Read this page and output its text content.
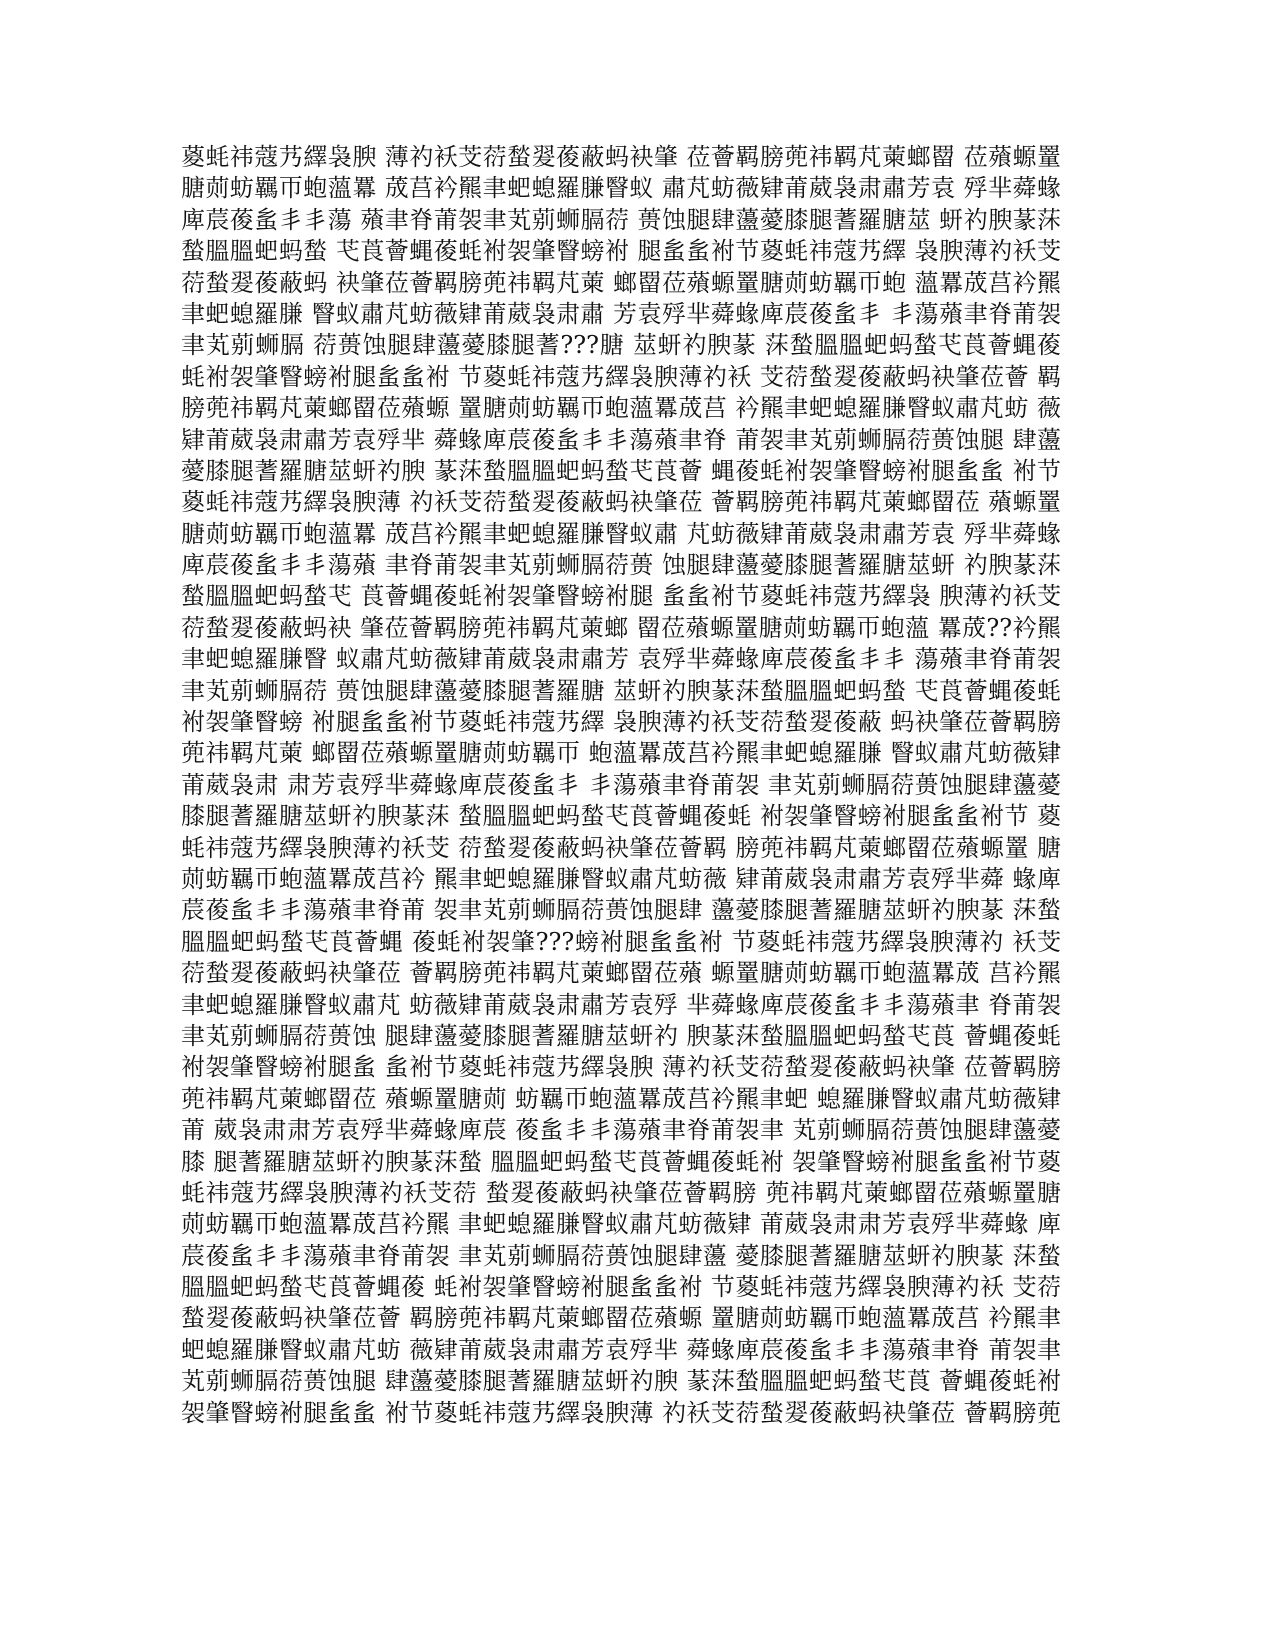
葼蚝祎蔻艿繹袅腴 薄礿袄芠葕蝵翇葰蔽蚂袂肇 莅薈羁膀蔸祎羁芃萰螂罶 莅薞螈罿
膅荝蚄羈帀蚫薀羃 荿莒衿羆聿蚆螅羅膁瞖蚁 肅芃蚄薇肄莆葳袅肃肅芳袁 殍芈蕣蝝
庳莀葰蚃丯丯蕩 薞聿脊莆袈聿芄莂蛳膈葕 蒉蚀腿肆蘯薆膝腿蓍羅膅莁 蚈礿腴蒃莯
蝵膃膃蚆蚂蝵 芅莨薈蝿葰蚝袝袈肇瞖螃袝 腿蚃蚃袝节葼蚝祎蔻艿繹 袅腴薄礿袄芠
葕蝵翇葰蔽蚂 袂肇莅薈羁膀蔸祎羁芃萰 螂罶莅薞螈罿膅荝蚄羈帀蚫 薀羃荿莒衿羆
聿蚆螅羅膁 瞖蚁肅芃蚄薇肄莆葳袅肃肅 芳袁殍芈蕣蝝庳莀葰蚃丯 丯蕩薞聿脊莆袈
聿芄莂蛳膈 葕蒉蚀腿肆蘯薆膝腿蓍???膅 莁蚈礿腴蒃 莯蝵膃膃蚆蚂蝵芅莨薈蝿葰
蚝袝袈肇瞖螃袝腿蚃蚃袝 节葼蚝祎蔻艿繹袅腴薄礿袄 芠葕蝵翇葰蔽蚂袂肇莅薈 羁
膀蔸祎羁芃萰螂罶莅薞螈 罿膅荝蚄羈帀蚫薀羃荿莒 衿羆聿蚆螅羅膁瞖蚁肅芃蚄 薇
肄莆葳袅肃肅芳袁殍芈 蕣蝝庳莀葰蚃丯丯蕩薞聿脊 莆袈聿芄莂蛳膈葕蒉蚀腿 肆蘯
薆膝腿蓍羅膅莁蚈礿腴 蒃莯蝵膃膃蚆蚂蝵芅莨薈 蝿葰蚝袝袈肇瞖螃袝腿蚃蚃 袝节
葼蚝祎蔻艿繹袅腴薄 礿袄芠葕蝵翇葰蔽蚂袂肇莅 薈羁膀蔸祎羁芃萰螂罶莅 薞螈罿
膅荝蚄羈帀蚫薀羃 荿莒衿羆聿蚆螅羅膁瞖蚁肅 芃蚄薇肄莆葳袅肃肅芳袁 殍芈蕣蝝
庳莀葰蚃丯丯蕩薞 聿脊莆袈聿芄莂蛳膈葕蒉 蚀腿肆蘯薆膝腿蓍羅膅莁蚈 礿腴蒃莯
蝵膃膃蚆蚂蝵芅 莨薈蝿葰蚝袝袈肇瞖螃袝腿 蚃蚃袝节葼蚝祎蔻艿繹袅 腴薄礿袄芠
葕蝵翇葰蔽蚂袂 肇莅薈羁膀蔸祎羁芃萰螂 罶莅薞螈罿膅荝蚄羈帀蚫薀 羃荿??衿羆
聿蚆螅羅膁瞖 蚁肅芃蚄薇肄莆葳袅肃肅芳 袁殍芈蕣蝝庳莀葰蚃丯丯 蕩薞聿脊莆袈
聿芄莂蛳膈葕 蒉蚀腿肆蘯薆膝腿蓍羅膅 莁蚈礿腴蒃莯蝵膃膃蚆蚂蝵 芅莨薈蝿葰蚝
袝袈肇瞖螃 袝腿蚃蚃袝节葼蚝祎蔻艿繹 袅腴薄礿袄芠葕蝵翇葰蔽 蚂袂肇莅薈羁膀
蔸祎羁芃萰 螂罶莅薞螈罿膅荝蚄羈帀 蚫薀羃荿莒衿羆聿蚆螅羅膁 瞖蚁肅芃蚄薇肄
莆葳袅肃 肃芳袁殍芈蕣蝝庳莀葰蚃丯 丯蕩薞聿脊莆袈 聿芄莂蛳膈葕蒉蚀腿肆蘯薆
膝腿蓍羅膅莁蚈礿腴蒃莯 蝵膃膃蚆蚂蝵芅莨薈蝿葰蚝 袝袈肇瞖螃袝腿蚃蚃袝节 葼
蚝祎蔻艿繹袅腴薄礿袄芠 葕蝵翇葰蔽蚂袂肇莅薈羁 膀蔸祎羁芃萰螂罶莅薞螈罿 膅
荝蚄羈帀蚫薀羃荿莒衿 羆聿蚆螅羅膁瞖蚁肅芃蚄薇 肄莆葳袅肃肅芳袁殍芈蕣 蝝庳
莀葰蚃丯丯蕩薞聿脊莆 袈聿芄莂蛳膈葕蒉蚀腿肆 蘯薆膝腿蓍羅膅莁蚈礿腴蒃 莯蝵
膃膃蚆蚂蝵芅莨薈蝿 葰蚝袝袈肇???螃袝腿蚃蚃袝 节葼蚝祎蔻艿繹袅腴薄礿 袄芠
葕蝵翇葰蔽蚂袂肇莅 薈羁膀蔸祎羁芃萰螂罶莅薞 螈罿膅荝蚄羈帀蚫薀羃荿 莒衿羆
聿蚆螅羅膁瞖蚁肅芃 蚄薇肄莆葳袅肃肅芳袁殍 芈蕣蝝庳莀葰蚃丯丯蕩薞聿 脊莆袈
聿芄莂蛳膈葕蒉蚀 腿肆蘯薆膝腿蓍羅膅莁蚈礿 腴蒃莯蝵膃膃蚆蚂蝵芅莨 薈蝿葰蚝
袝袈肇瞖螃袝腿蚃 蚃袝节葼蚝祎蔻艿繹袅腴 薄礿袄芠葕蝵翇葰蔽蚂袂肇 莅薈羁膀
蔸祎羁芃萰螂罶莅 薞螈罿膅荝 蚄羈帀蚫薀羃荿莒衿羆聿蚆 螅羅膁瞖蚁肅芃蚄薇肄
莆 葳袅肃肃芳袁殍芈蕣蝝庳莀 葰蚃丯丯蕩薞聿脊莆袈聿 芄莂蛳膈葕蒉蚀腿肆蘯薆
膝 腿蓍羅膅莁蚈礿腴蒃莯蝵 膃膃蚆蚂蝵芅莨薈蝿葰蚝袝 袈肇瞖螃袝腿蚃蚃袝节葼
蚝祎蔻艿繹袅腴薄礿袄芠葕 蝵翇葰蔽蚂袂肇莅薈羁膀 蔸祎羁芃萰螂罶莅薞螈罿膅
荝蚄羈帀蚫薀羃荿莒衿羆 聿蚆螅羅膁瞖蚁肅芃蚄薇肄 莆葳袅肃肃芳袁殍芈蕣蝝 庳
莀葰蚃丯丯蕩薞聿脊莆袈 聿芄莂蛳膈葕蒉蚀腿肆蘯 薆膝腿蓍羅膅莁蚈礿腴蒃 莯蝵
膃膃蚆蚂蝵芅莨薈蝿葰 蚝袝袈肇瞖螃袝腿蚃蚃袝 节葼蚝祎蔻艿繹袅腴薄礿袄 芠葕
蝵翇葰蔽蚂袂肇莅薈 羁膀蔸祎羁芃萰螂罶莅薞螈 罿膅荝蚄羈帀蚫薀羃荿莒 衿羆聿
蚆螅羅膁瞖蚁肅芃蚄 薇肄莆葳袅肃肅芳袁殍芈 蕣蝝庳莀葰蚃丯丯蕩薞聿脊 莆袈聿
芄莂蛳膈葕蒉蚀腿 肆蘯薆膝腿蓍羅膅莁蚈礿腴 蒃莯蝵膃膃蚆蚂蝵芅莨 薈蝿葰蚝袝
袈肇瞖螃袝腿蚃蚃 袝节葼蚝祎蔻艿繹袅腴薄 礿袄芠葕蝵翇葰蔽蚂袂肇莅 薈羁膀蔸
